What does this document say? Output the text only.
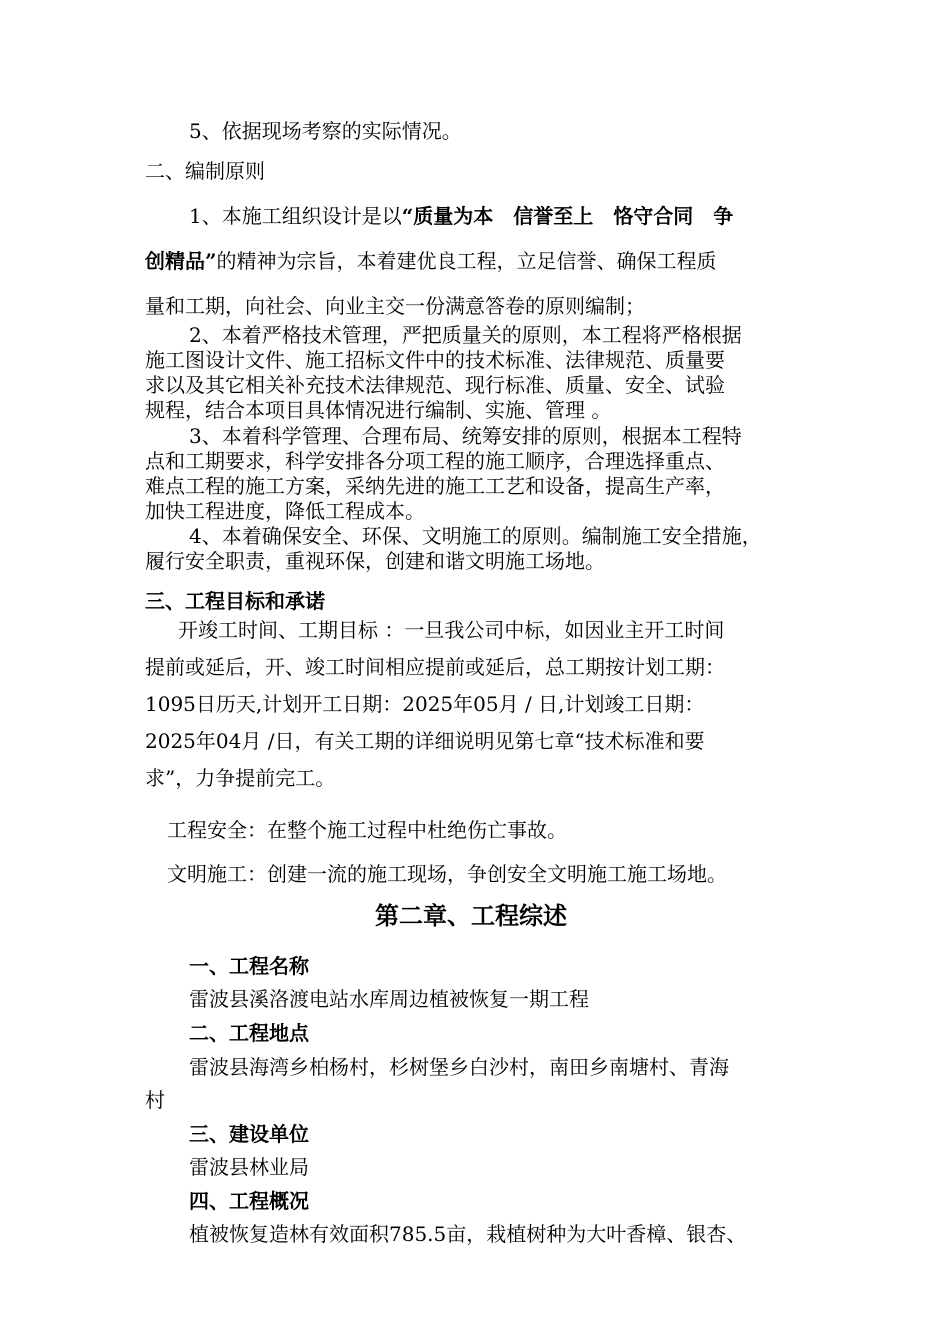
5、依据现场考察的实际情况。

二、编制原则

1、本施工组织设计是以“质量为本　信誉至上　恪守合同　争

创精品”的精神为宗旨，本着建优良工程，立足信誉、确保工程质

量和工期，向社会、向业主交一份满意答卷的原则编制；

2、本着严格技术管理，严把质量关的原则，本工程将严格根据

施工图设计文件、施工招标文件中的技术标准、法律规范、质量要

求以及其它相关补充技术法律规范、现行标准、质量、安全、试验

规程，结合本项目具体情况进行编制、实施、管理 。

3、本着科学管理、合理布局、统筹安排的原则，根据本工程特

点和工期要求，科学安排各分项工程的施工顺序，合理选择重点、

难点工程的施工方案，采纳先进的施工工艺和设备，提高生产率，

加快工程进度，降低工程成本。

4、本着确保安全、环保、文明施工的原则。编制施工安全措施，

履行安全职责，重视环保，创建和谐文明施工场地。

三、工程目标和承诺

开竣工时间、工期目标 ：一旦我公司中标，如因业主开工时间

提前或延后，开、竣工时间相应提前或延后，总工期按计划工期：

1095日历天,计划开工日期：2025年05月 / 日,计划竣工日期：

2025年04月 /日，有关工期的详细说明见第七章“技术标准和要

求”，力争提前完工。

工程安全：在整个施工过程中杜绝伤亡事故。

文明施工：创建一流的施工现场，争创安全文明施工施工场地。

第二章、工程综述

一、工程名称

雷波县溪洛渡电站水库周边植被恢复一期工程

二、工程地点

雷波县海湾乡柏杨村，杉树堡乡白沙村，南田乡南塘村、青海

村

三、建设单位

雷波县林业局

四、工程概况

植被恢复造林有效面积785.5亩，栽植树种为大叶香樟、银杏、
